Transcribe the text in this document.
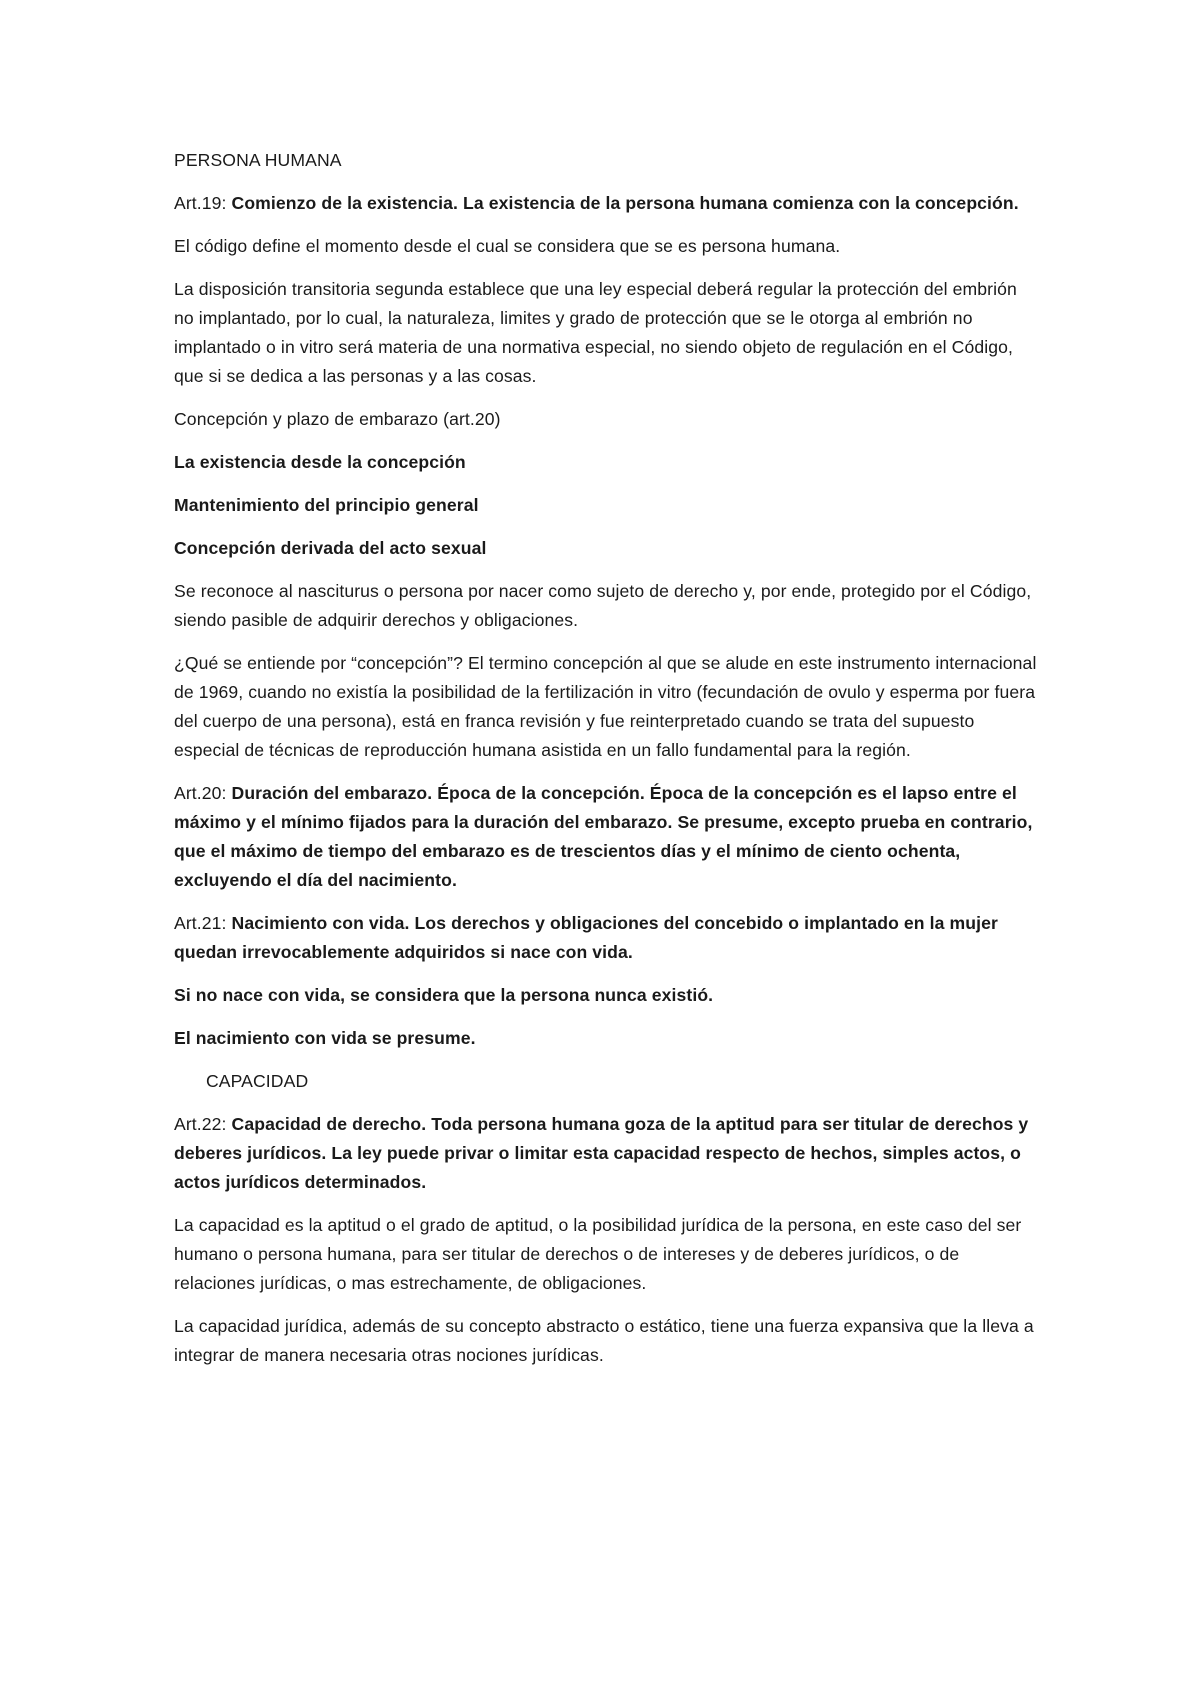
PERSONA HUMANA

Art.19: Comienzo de la existencia. La existencia de la persona humana comienza con la concepción.

El código define el momento desde el cual se considera que se es persona humana.

La disposición transitoria segunda establece que una ley especial deberá regular la protección del embrión no implantado, por lo cual, la naturaleza, limites y grado de protección que se le otorga al embrión no implantado o in vitro será materia de una normativa especial, no siendo objeto de regulación en el Código, que si se dedica a las personas y a las cosas.

Concepción y plazo de embarazo (art.20)

La existencia desde la concepción

Mantenimiento del principio general

Concepción derivada del acto sexual

Se reconoce al nasciturus o persona por nacer como sujeto de derecho y, por ende, protegido por el Código, siendo pasible de adquirir derechos y obligaciones.

¿Qué se entiende por “concepción”? El termino concepción al que se alude en este instrumento internacional de 1969, cuando no existía la posibilidad de la fertilización in vitro (fecundación de ovulo y esperma por fuera del cuerpo de una persona), está en franca revisión y fue reinterpretado cuando se trata del supuesto especial de técnicas de reproducción humana asistida en un fallo fundamental para la región.

Art.20: Duración del embarazo. Época de la concepción. Época de la concepción es el lapso entre el máximo y el mínimo fijados para la duración del embarazo. Se presume, excepto prueba en contrario, que el máximo de tiempo del embarazo es de trescientos días y el mínimo de ciento ochenta, excluyendo el día del nacimiento.

Art.21: Nacimiento con vida. Los derechos y obligaciones del concebido o implantado en la mujer quedan irrevocablemente adquiridos si nace con vida.

Si no nace con vida, se considera que la persona nunca existió.

El nacimiento con vida se presume.

CAPACIDAD

Art.22: Capacidad de derecho. Toda persona humana goza de la aptitud para ser titular de derechos y deberes jurídicos. La ley puede privar o limitar esta capacidad respecto de hechos, simples actos, o actos jurídicos determinados.

La capacidad es la aptitud o el grado de aptitud, o la posibilidad jurídica de la persona, en este caso del ser humano o persona humana, para ser titular de derechos o de intereses y de deberes jurídicos, o de relaciones jurídicas, o mas estrechamente, de obligaciones.

La capacidad jurídica, además de su concepto abstracto o estático, tiene una fuerza expansiva que la lleva a integrar de manera necesaria otras nociones jurídicas.
